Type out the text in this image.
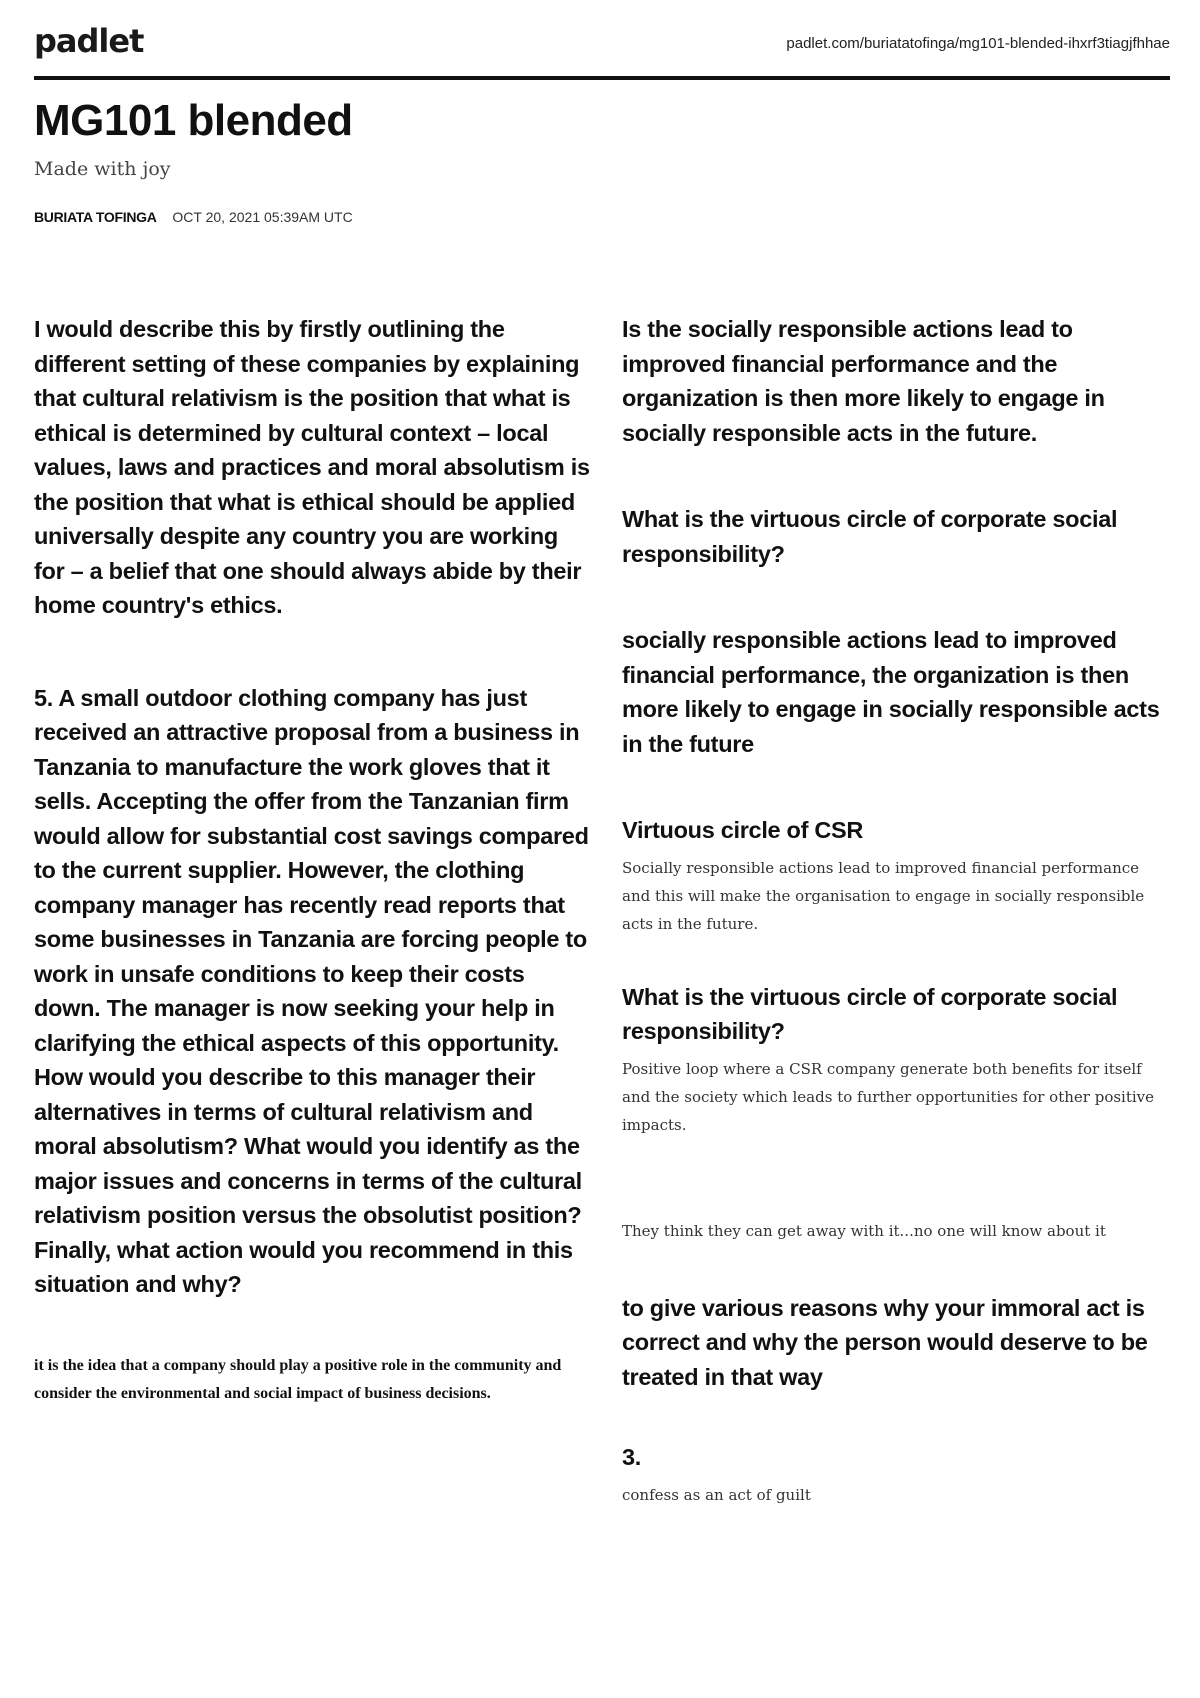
padlet	padlet.com/buriatatofinga/mg101-blended-ihxrf3tiagjfhhae
MG101 blended
Made with joy
BURIATA TOFINGA OCT 20, 2021 05:39AM UTC
I would describe this by firstly outlining the different setting of these companies by explaining that cultural relativism is the position that what is ethical is determined by cultural context – local values, laws and practices and moral absolutism is the position that what is ethical should be applied universally despite any country you are working for – a belief that one should always abide by their home country's ethics.
5. A small outdoor clothing company has just received an attractive proposal from a business in Tanzania to manufacture the work gloves that it sells. Accepting the offer from the Tanzanian firm would allow for substantial cost savings compared to the current supplier. However, the clothing company manager has recently read reports that some businesses in Tanzania are forcing people to work in unsafe conditions to keep their costs down. The manager is now seeking your help in clarifying the ethical aspects of this opportunity. How would you describe to this manager their alternatives in terms of cultural relativism and moral absolutism? What would you identify as the major issues and concerns in terms of the cultural relativism position versus the obsolutist position? Finally, what action would you recommend in this situation and why?
it is the idea that a company should play a positive role in the community and consider the environmental and social impact of business decisions.
Is the socially responsible actions lead to improved financial performance and the organization is then more likely to engage in socially responsible acts in the future.
What is the virtuous circle of corporate social responsibility?
socially responsible actions lead to improved financial performance, the organization is then more likely to engage in socially responsible acts in the future
Virtuous circle of CSR
Socially responsible actions lead to improved financial performance and this will make the organisation to engage in socially responsible acts in the future.
What is the virtuous circle of corporate social responsibility?
Positive loop where a CSR company generate both benefits for itself and the society which leads to further opportunities for other positive impacts.
They think they can get away with it...no one will know about it
to give various reasons why your immoral act is correct and why the person would deserve to be treated in that way
3.
confess as an act of guilt
